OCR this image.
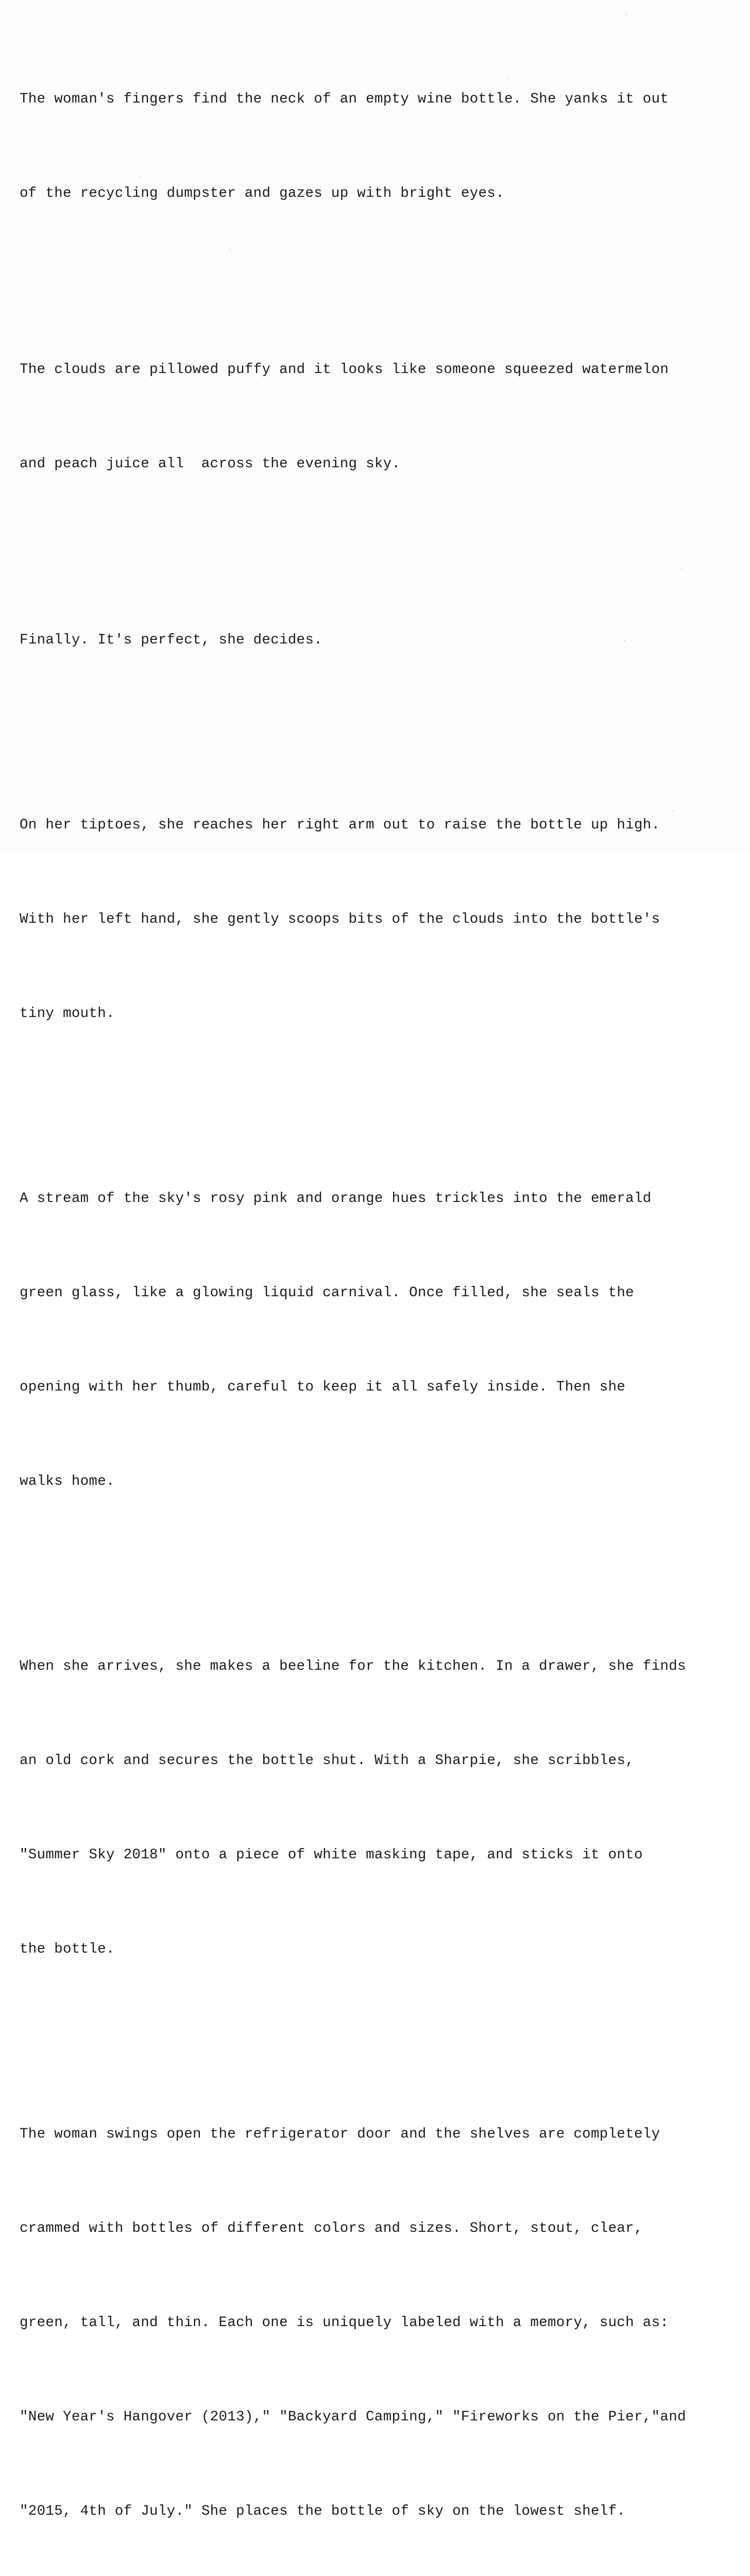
The woman's fingers find the neck of an empty wine bottle. She yanks it out

of the recycling dumpster and gazes up with bright eyes.

The clouds are pillowed puffy and it looks like someone squeezed watermelon

and peach juice all  across the evening sky.

Finally. It's perfect, she decides.

On her tiptoes, she reaches her right arm out to raise the bottle up high.

With her left hand, she gently scoops bits of the clouds into the bottle's

tiny mouth.

A stream of the sky's rosy pink and orange hues trickles into the emerald

green glass, like a glowing liquid carnival. Once filled, she seals the

opening with her thumb, careful to keep it all safely inside. Then she

walks home.

When she arrives, she makes a beeline for the kitchen. In a drawer, she finds

an old cork and secures the bottle shut. With a Sharpie, she scribbles,

"Summer Sky 2018" onto a piece of white masking tape, and sticks it onto

the bottle.

The woman swings open the refrigerator door and the shelves are completely

crammed with bottles of different colors and sizes. Short, stout, clear,

green, tall, and thin. Each one is uniquely labeled with a memory, such as:

"New Year's Hangover (2013)," "Backyard Camping," "Fireworks on the Pier,"and

"2015, 4th of July." She places the bottle of sky on the lowest shelf.
